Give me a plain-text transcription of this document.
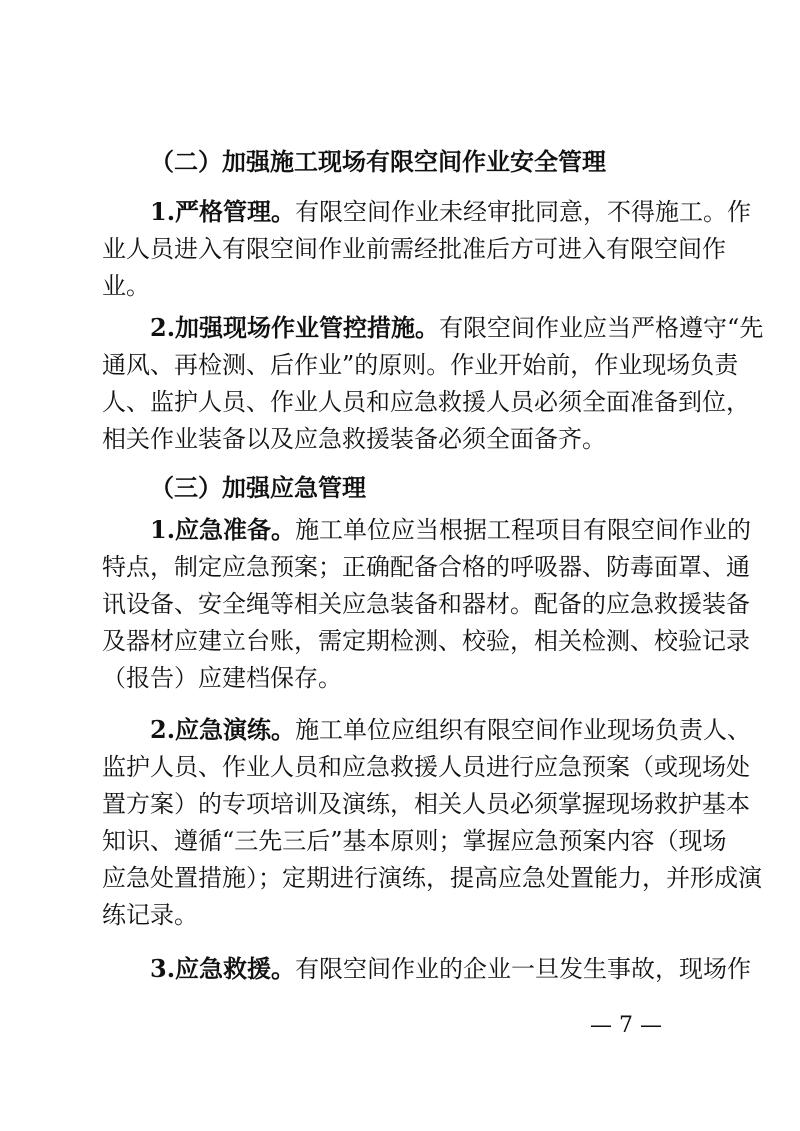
（二）加强施工现场有限空间作业安全管理
1.严格管理。有限空间作业未经审批同意，不得施工。作
业人员进入有限空间作业前需经批准后方可进入有限空间作
业。
2.加强现场作业管控措施。有限空间作业应当严格遵守“先
通风、再检测、后作业”的原则。作业开始前，作业现场负责
人、监护人员、作业人员和应急救援人员必须全面准备到位，
相关作业装备以及应急救援装备必须全面备齐。
（三）加强应急管理
1.应急准备。施工单位应当根据工程项目有限空间作业的
特点，制定应急预案；正确配备合格的呼吸器、防毒面罩、通
讯设备、安全绳等相关应急装备和器材。配备的应急救援装备
及器材应建立台账，需定期检测、校验，相关检测、校验记录
（报告）应建档保存。
2.应急演练。施工单位应组织有限空间作业现场负责人、
监护人员、作业人员和应急救援人员进行应急预案（或现场处
置方案）的专项培训及演练，相关人员必须掌握现场救护基本
知识、遵循“三先三后”基本原则；掌握应急预案内容（现场
应急处置措施）；定期进行演练，提高应急处置能力，并形成演
练记录。
3.应急救援。有限空间作业的企业一旦发生事故，现场作
— 7 —
